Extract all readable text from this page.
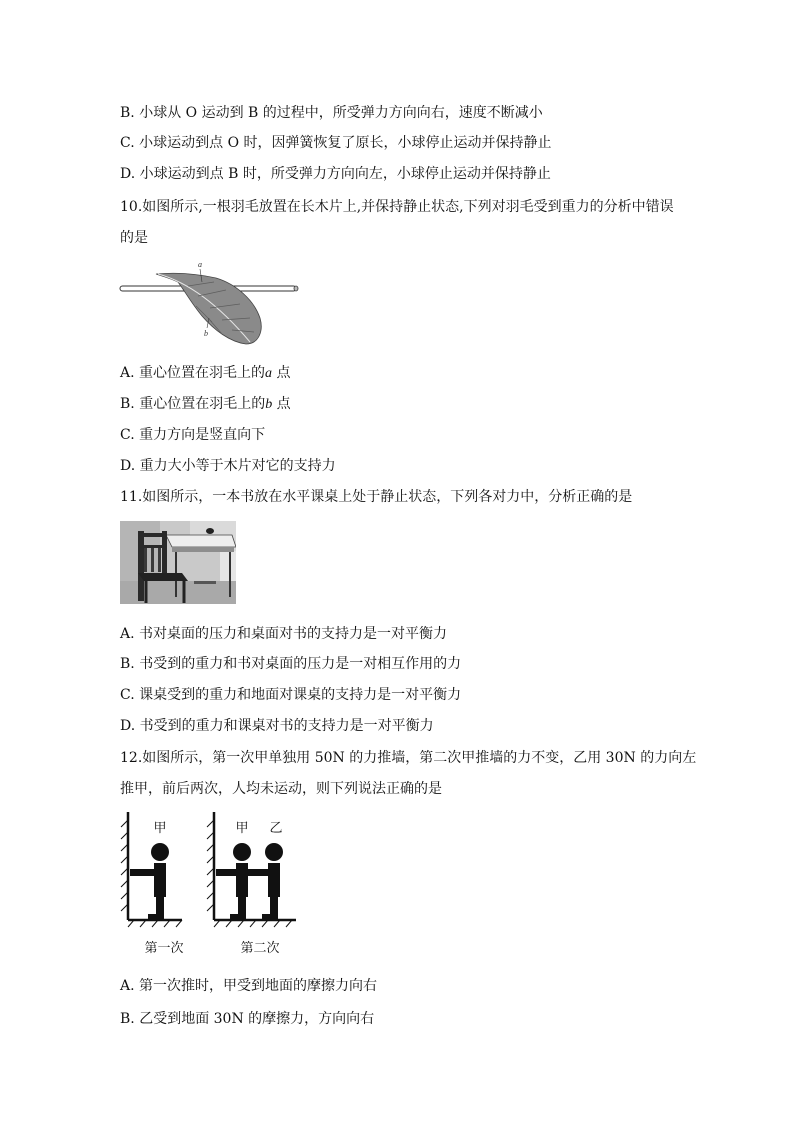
B. 小球从 O 运动到 B 的过程中，所受弹力方向向右，速度不断减小
C. 小球运动到点 O 时，因弹簧恢复了原长，小球停止运动并保持静止
D. 小球运动到点 B 时，所受弹力方向向左，小球停止运动并保持静止
10.如图所示,一根羽毛放置在长木片上,并保持静止状态,下列对羽毛受到重力的分析中错误
的是
a
b
A. 重心位置在羽毛上的a 点
B. 重心位置在羽毛上的b 点
C. 重力方向是竖直向下
D. 重力大小等于木片对它的支持力
11.如图所示，一本书放在水平课桌上处于静止状态，下列各对力中，分析正确的是
A. 书对桌面的压力和桌面对书的支持力是一对平衡力
B. 书受到的重力和书对桌面的压力是一对相互作用的力
C. 课桌受到的重力和地面对课桌的支持力是一对平衡力
D. 书受到的重力和课桌对书的支持力是一对平衡力
12.如图所示，第一次甲单独用 50N 的力推墙，第二次甲推墙的力不变，乙用 30N 的力向左
推甲，前后两次，人均未运动，则下列说法正确的是
甲	甲 乙
第一次	第二次
A. 第一次推时，甲受到地面的摩擦力向右
B. 乙受到地面 30N 的摩擦力，方向向右
